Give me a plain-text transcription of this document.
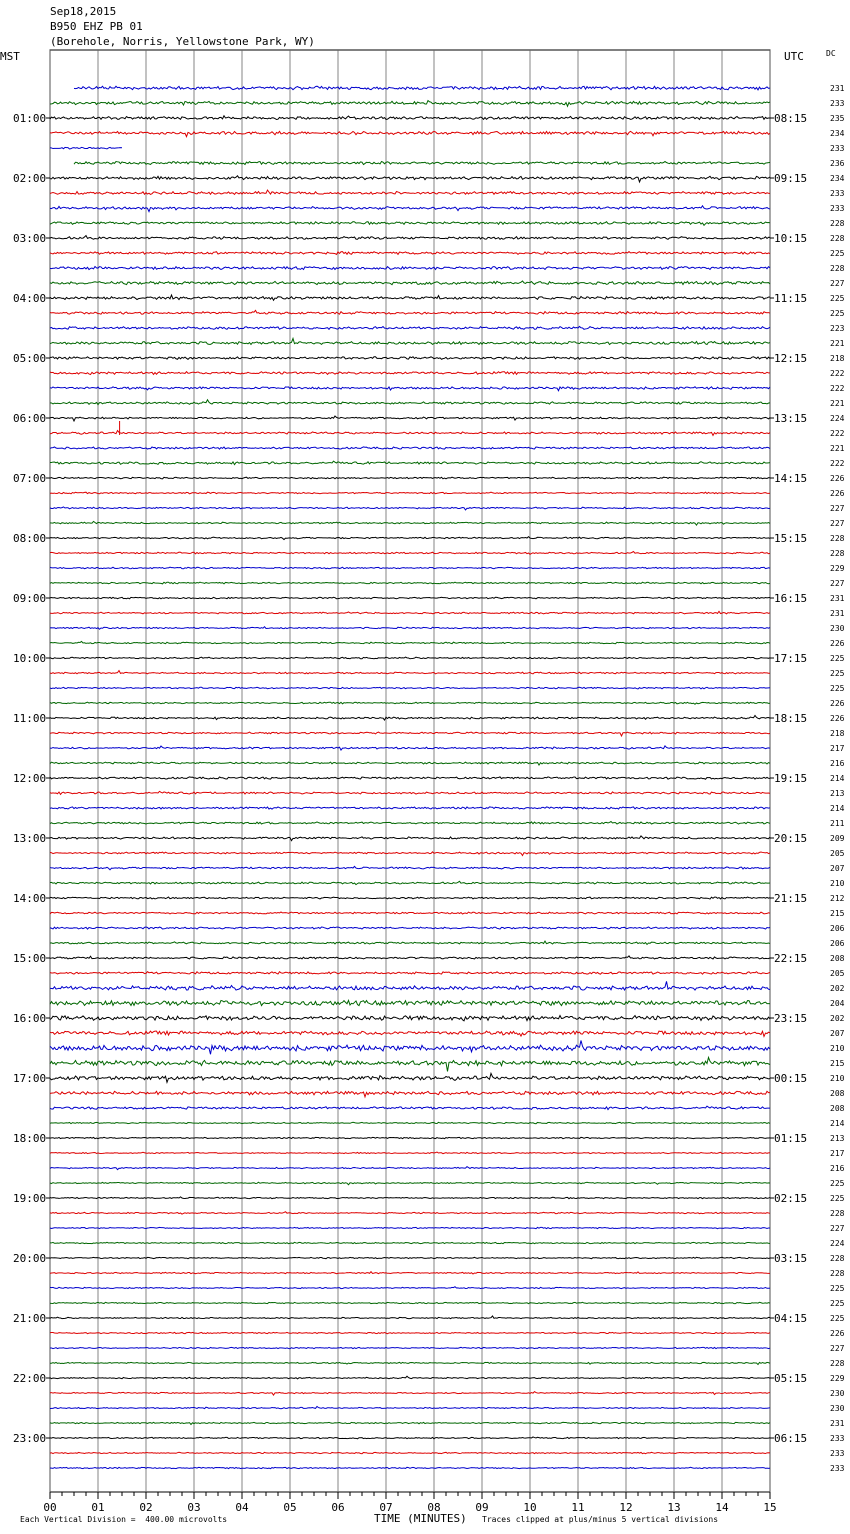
Sep18,2015
B950 EHZ PB 01
(Borehole, Norris, Yellowstone Park, WY)
MST	UTC	DC
00	01	02	03	04	05	06	07	08	09	10	11	12	13	14	15
231
233
235
01:00	08:15
234
233
236
234
02:00	09:15
233
233
228
228
03:00	10:15
225
228
227
225
04:00	11:15
225
223
221
218
05:00	12:15
222
222
221
224
06:00	13:15
222
221
222
226
07:00	14:15
226
227
227
228
08:00	15:15
228
229
227
231
09:00	16:15
231
230
226
225
10:00	17:15
225
225
226
226
11:00	18:15
218
217
216
214
12:00	19:15
213
214
211
209
13:00	20:15
205
207
210
212
14:00	21:15
215
206
206
208
15:00	22:15
205
202
204
202
16:00	23:15
207
210
215
210
17:00	00:15
208
208
214
213
18:00	01:15
217
216
225
225
19:00	02:15
228
227
224
228
20:00	03:15
228
225
225
225
21:00	04:15
226
227
228
229
22:00	05:15
230
230
231
233
23:00	06:15
233
233
TIME (MINUTES)
Each Vertical Division =  400.00 microvolts	Traces clipped at plus/minus 5 vertical divisions
